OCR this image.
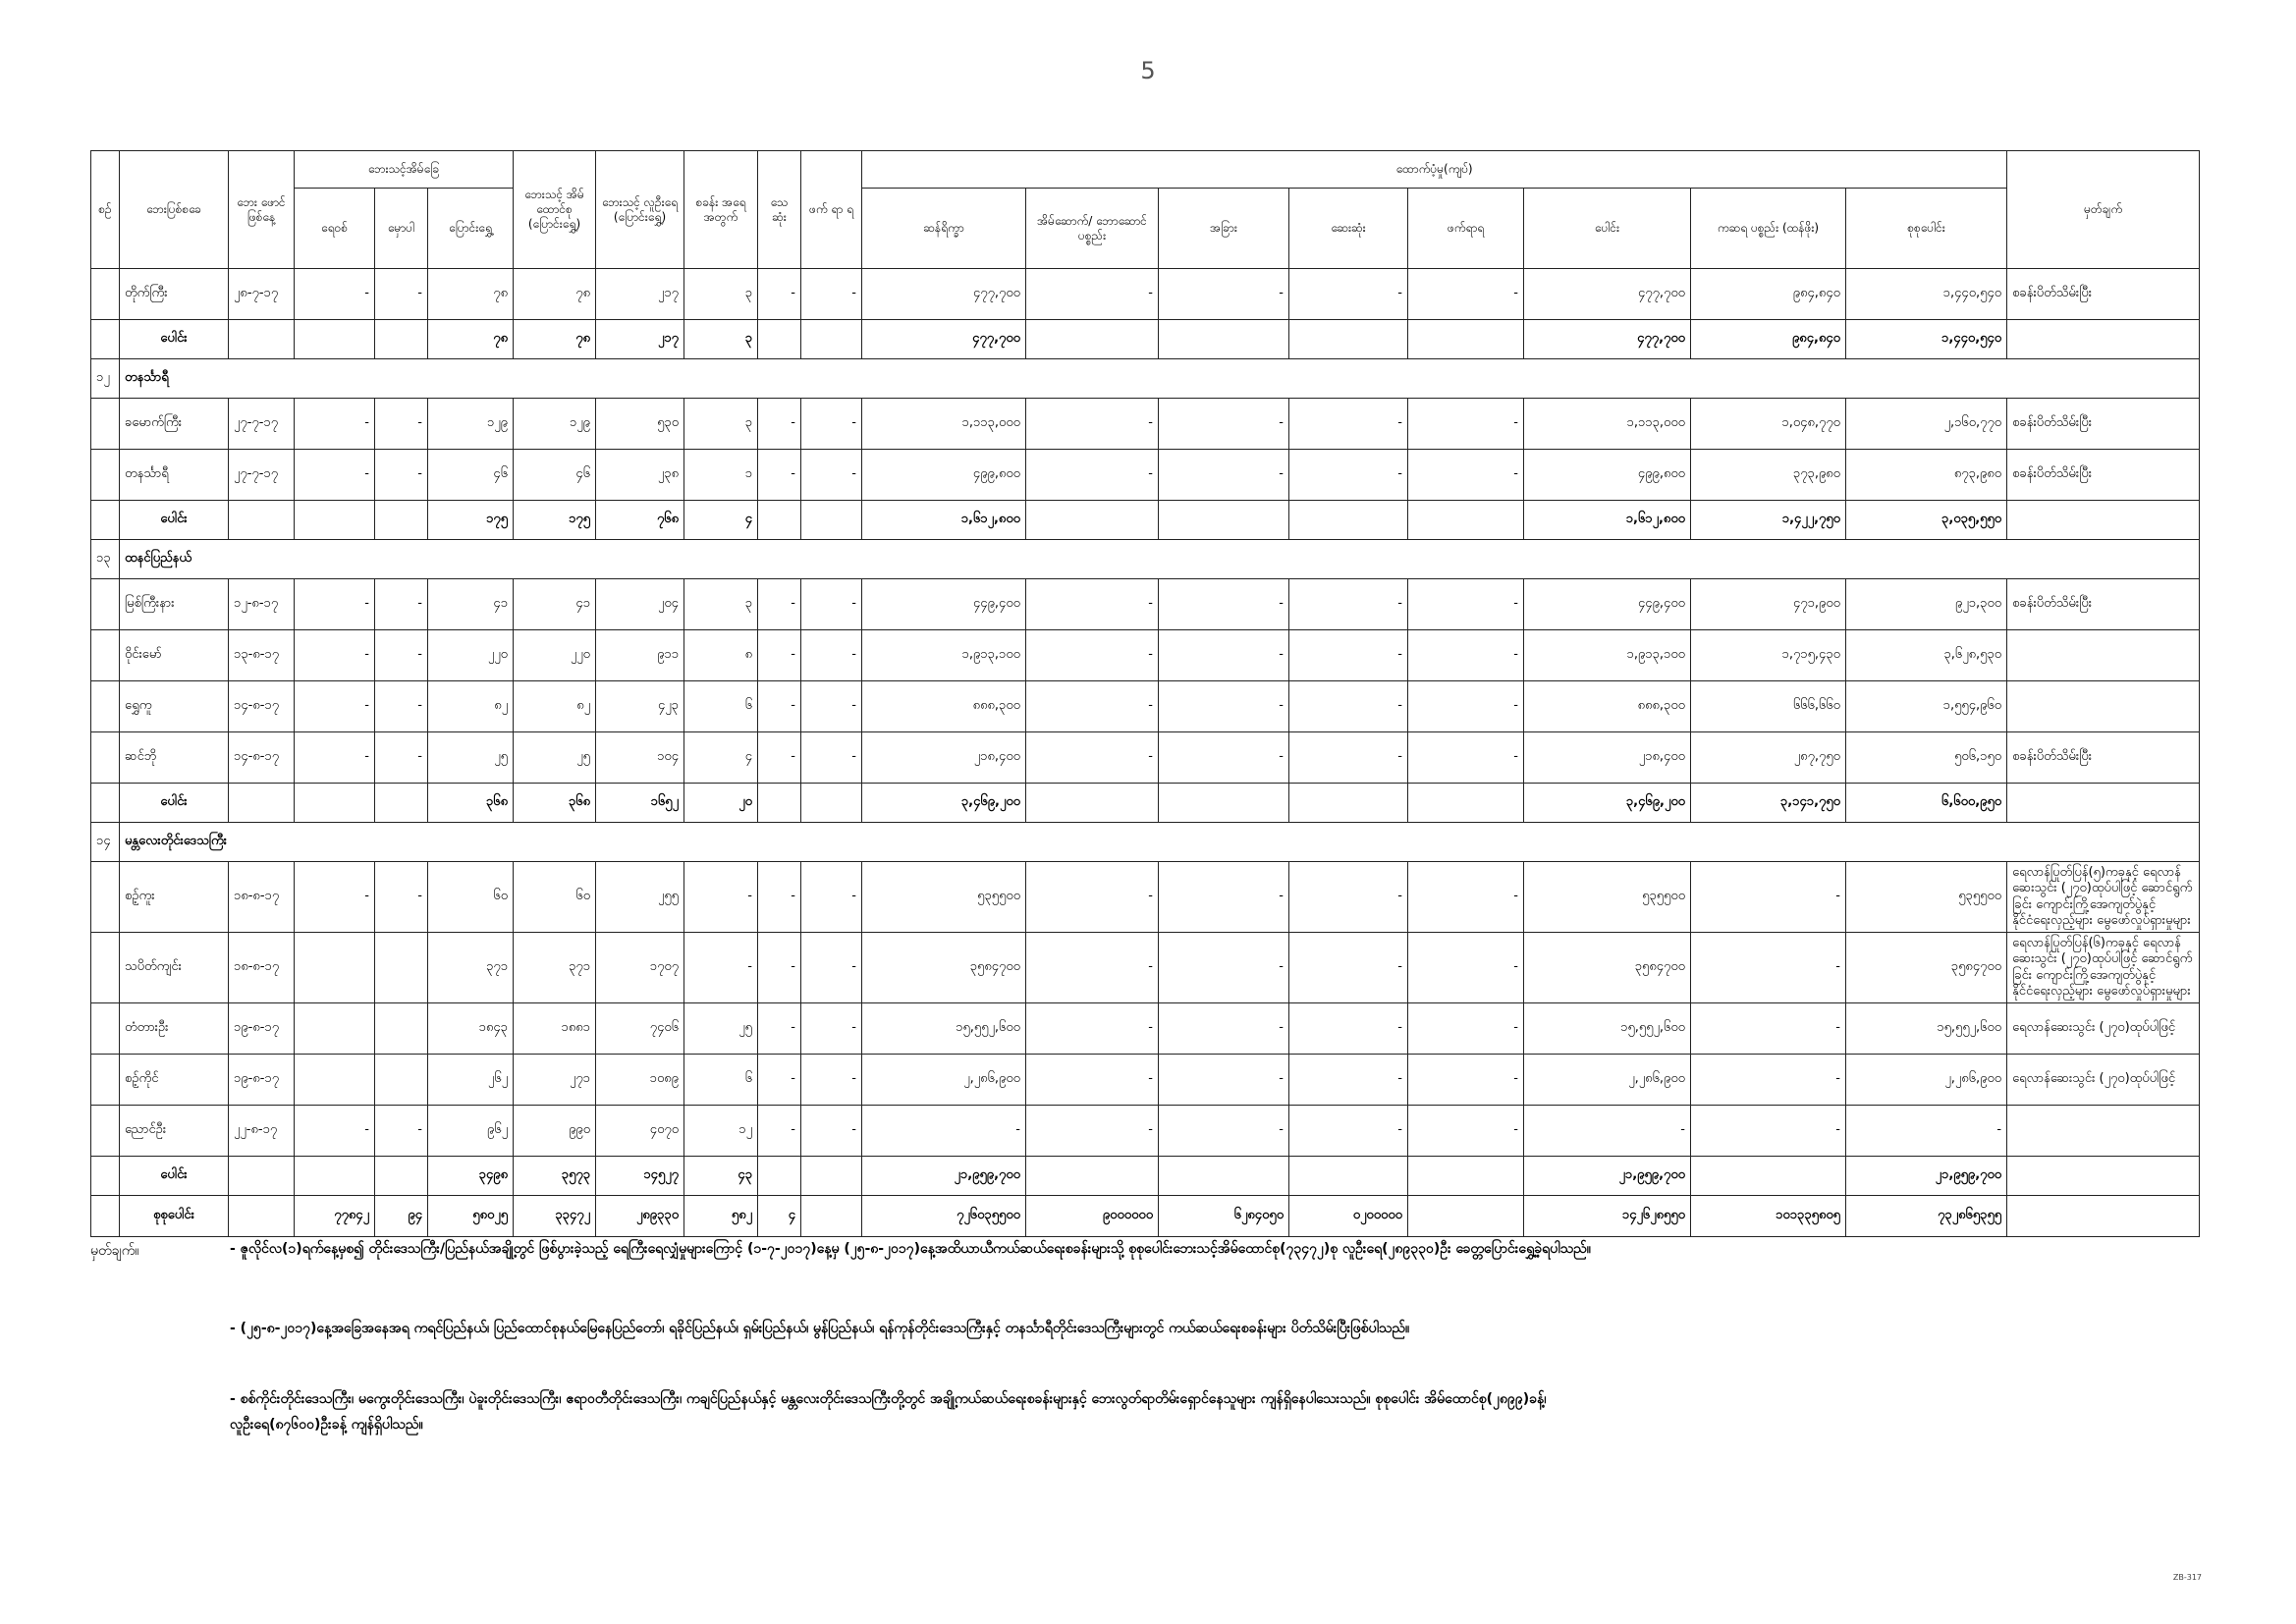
5
စဥ်	ဘေးပြစ်စခေ	ဘေး ဖောင် ဖြစ်နေ့	ဘေးသင့်အိမ်ခြေ			ဘေးသင့် အိမ် ထောင်စု (ပြောင်းရွှေ့)	ဘေးသင့် လူဦးရေ (ပြောင်းရွှေ့)	စခန်း အရေ အတွက်	သေ ဆုံး	ဖက် ရာ ရ	ထောက်ပံ့မှု(ကျပ်)								မှတ်ချက်
			ရေဝစ်	မှောပါ	ပြောင်းရွှေ့						ဆန်ရိက္ခာ	အိမ်ဆောက်/ ဘောဆောင် ပစ္စည်း	အခြား	ဆေးဆုံး	ဖက်ရာရ	ပေါင်း	ကဆရ ပစ္စည်း (ထန်ဖိုး)	စုစုပေါင်း	
	တိုက်ကြီး	၂၈-၇-၁၇	-	-	၇၈	၇၈	၂၁၇	၃	-	-	၄၇၇,၇၀၀	-	-	-	-	၄၇၇,၇၀၀	၉၈၄,၈၄၀	၁,၄၄၀,၅၄၀	စခန်းပိတ်သိမ်းပြီး
	ပေါင်း				၇၈	၇၈	၂၁၇	၃			၄၇၇,၇၀၀					၄၇၇,၇၀၀	၉၈၄,၈၄၀	၁,၄၄၀,၅၄၀	
၁၂	တနင်္သာရီ																		
	ခမောက်ကြီး	၂၇-၇-၁၇	-	-	၁၂၉	၁၂၉	၅၃၀	၃	-	-	၁,၁၁၃,၀၀၀	-	-	-	-	၁,၁၁၃,၀၀၀	၁,၀၄၈,၇၇၀	၂,၁၆၀,၇၇၀	စခန်းပိတ်သိမ်းပြီး
	တနင်္သာရီ	၂၇-၇-၁၇	-	-	၄၆	၄၆	၂၃၈	၁	-	-	၄၉၉,၈၀၀	-	-	-	-	၄၉၉,၈၀၀	၃၇၃,၉၈၀	၈၇၃,၉၈၀	စခန်းပိတ်သိမ်းပြီး
	ပေါင်း				၁၇၅	၁၇၅	၇၆၈	၄			၁,၆၁၂,၈၀၀					၁,၆၁၂,၈၀၀	၁,၄၂၂,၇၅၀	၃,၀၃၅,၅၅၀	
၁၃	ထနင်ပြည်နယ်																		
	မြစ်ကြီးနား	၁၂-၈-၁၇	-	-	၄၁	၄၁	၂၀၄	၃	-	-	၄၄၉,၄၀၀	-	-	-	-	၄၄၉,၄၀၀	၄၇၁,၉၀၀	၉၂၁,၃၀၀	စခန်းပိတ်သိမ်းပြီး
	ဝိုင်းမော်	၁၃-၈-၁၇	-	-	၂၂၀	၂၂၀	၉၁၁	၈	-	-	၁,၉၁၃,၁၀၀	-	-	-	-	၁,၉၁၃,၁၀၀	၁,၇၁၅,၄၃၀	၃,၆၂၈,၅၃၀	
	ရွှေကူ	၁၄-၈-၁၇	-	-	၈၂	၈၂	၄၂၃	၆	-	-	၈၈၈,၃၀၀	-	-	-	-	၈၈၈,၃၀၀	၆၆၆,၆၆၀	၁,၅၅၄,၉၆၀	
	ဆင်ဘို	၁၄-၈-၁၇	-	-	၂၅	၂၅	၁၀၄	၄	-	-	၂၁၈,၄၀၀	-	-	-	-	၂၁၈,၄၀၀	၂၈၇,၇၅၀	၅၀၆,၁၅၀	စခန်းပိတ်သိမ်းပြီး
	ပေါင်း				၃၆၈	၃၆၈	၁၆၅၂	၂၀			၃,၄၆၉,၂၀၀					၃,၄၆၉,၂၀၀	၃,၁၄၁,၇၅၀	၆,၆၀၀,၉၅၀	
၁၄	မန္တလေးတိုင်းဒေသကြီး																		
	စဥ့်ကူး	၁၈-၈-၁၇	-	-	၆၀	၆၀	၂၅၅	-	-	-	၅၃၅၅၀၀	-	-	-	-	၅၃၅၅၀၀	-	၅၃၅၅၀၀	ရေလာန်ပြုတ်ပြန်(၅)ကခုနှင့် ရေလာန်ဆေးသွင်း (၂၇၀)ထုပ်ပါဖြင့် ဆောင်ရွက်ခြင်း ကျောင်းကြို့အေကျတ်ပွဲနှင့် နိုင်ငံရေးလှည့်များ မွေဖော်လှုပ်ရှားမှုများ
	သပိတ်ကျင်း	၁၈-၈-၁၇			၃၇၁	၃၇၁	၁၇၀၇	-	-	-	၃၅၈၄၇၀၀	-	-	-	-	၃၅၈၄၇၀၀	-	၃၅၈၄၇၀၀	ရေလာန်ပြုတ်ပြန်(၆)ကခုနှင့် ရေလာန်ဆေးသွင်း (၂၇၀)ထုပ်ပါဖြင့် ဆောင်ရွက်ခြင်း ကျောင်းကြို့အေကျတ်ပွဲနှင့် နိုင်ငံရေးလှည့်များ မွေဖော်လှုပ်ရှားမှုများ
	တံတားဦး	၁၉-၈-၁၇			၁၈၄၃	၁၈၈၁	၇၄၀၆	၂၅	-	-	၁၅,၅၅၂,၆၀၀	-	-	-	-	၁၅,၅၅၂,၆၀၀	-	၁၅,၅၅၂,၆၀၀	ရေလာန်ဆေးသွင်း (၂၇၀)ထုပ်ပါဖြင့်
	စဥ့်ကိုင်	၁၉-၈-၁၇			၂၆၂	၂၇၁	၁၀၈၉	၆	-	-	၂,၂၈၆,၉၀၀	-	-	-	-	၂,၂၈၆,၉၀၀	-	၂,၂၈၆,၉၀၀	ရေလာန်ဆေးသွင်း (၂၇၀)ထုပ်ပါဖြင့်
	ညောင်ဦး	၂၂-၈-၁၇	-	-	၉၆၂	၉၉၀	၄၀၇၀	၁၂	-	-	-	-	-	-	-	-	-	-	
	ပေါင်း				၃၄၉၈	၃၅၇၃	၁၄၅၂၇	၄၃			၂၁,၉၅၉,၇၀၀					၂၁,၉၅၉,၇၀၀		၂၁,၉၅၉,၇၀၀	
	စုစုပေါင်း		၇၇၈၄၂	၉၄	၅၈၀၂၅	၃၃၄၇၂	၂၈၉၃၃၀	၅၈၂	၄		၇၂၆၀၃၅၅၀၀	၉၀၀၀၀၀၀	၆၂၈၄၀၅၀	၀၂၀၀၀၀၀		၁၄၂၆၂၈၅၅၀	၁၀၁၃၃၅၈၀၅	၇၃၂၈၆၅၃၅၅	
မှတ်ချက်။	- ဇူလိုင်လ(၁)ရက်နေ့မှစ၍ တိုင်းဒေသကြီး/ပြည်နယ်အချို့တွင် ဖြစ်ပွားခဲ့သည့် ရေကြီးရေလျှံမှုများကြောင့် (၁-၇-၂၀၁၇)နေ့မှ (၂၅-၈-၂၀၁၇)နေ့အထိယာယီကယ်ဆယ်ရေးစခန်းများသို့ စုစုပေါင်းဘေးသင့်အိမ်ထောင်စု(၇၃၄၇၂)စု လူဦးရေ(၂၈၉၃၃၀)ဦး ခေတ္တပြောင်းရွှေ့ခဲ့ရပါသည်။
- (၂၅-၈-၂၀၁၇)နေ့အခြေအနေအရ ကရင်ပြည်နယ်၊ ပြည်ထောင်စုနယ်မြေနေပြည်တော်၊ ရခိုင်ပြည်နယ်၊ ရှမ်းပြည်နယ်၊ မွန်ပြည်နယ်၊ ရန်ကုန်တိုင်းဒေသကြီးနှင့် တနင်္သာရီတိုင်းဒေသကြီးများတွင် ကယ်ဆယ်ရေးစခန်းများ ပိတ်သိမ်းပြီးဖြစ်ပါသည်။
- စစ်ကိုင်းတိုင်းဒေသကြီး၊ မကွေးတိုင်းဒေသကြီး၊ ပဲခူးတိုင်းဒေသကြီး၊ ဧရာဝတီတိုင်းဒေသကြီး၊ ကချင်ပြည်နယ်နှင့် မန္တလေးတိုင်းဒေသကြီးတို့တွင် အချို့ကယ်ဆယ်ရေးစခန်းများနှင့် ဘေးလွတ်ရာတိမ်းရှောင်နေသူများ ကျန်ရှိနေပါသေးသည်။ စုစုပေါင်း အိမ်ထောင်စု(၂၈၉၉)ခန့်၊
လူဦးရေ(၈၇၆၀၀)ဦးခန့် ကျန်ရှိပါသည်။
ZB-317
